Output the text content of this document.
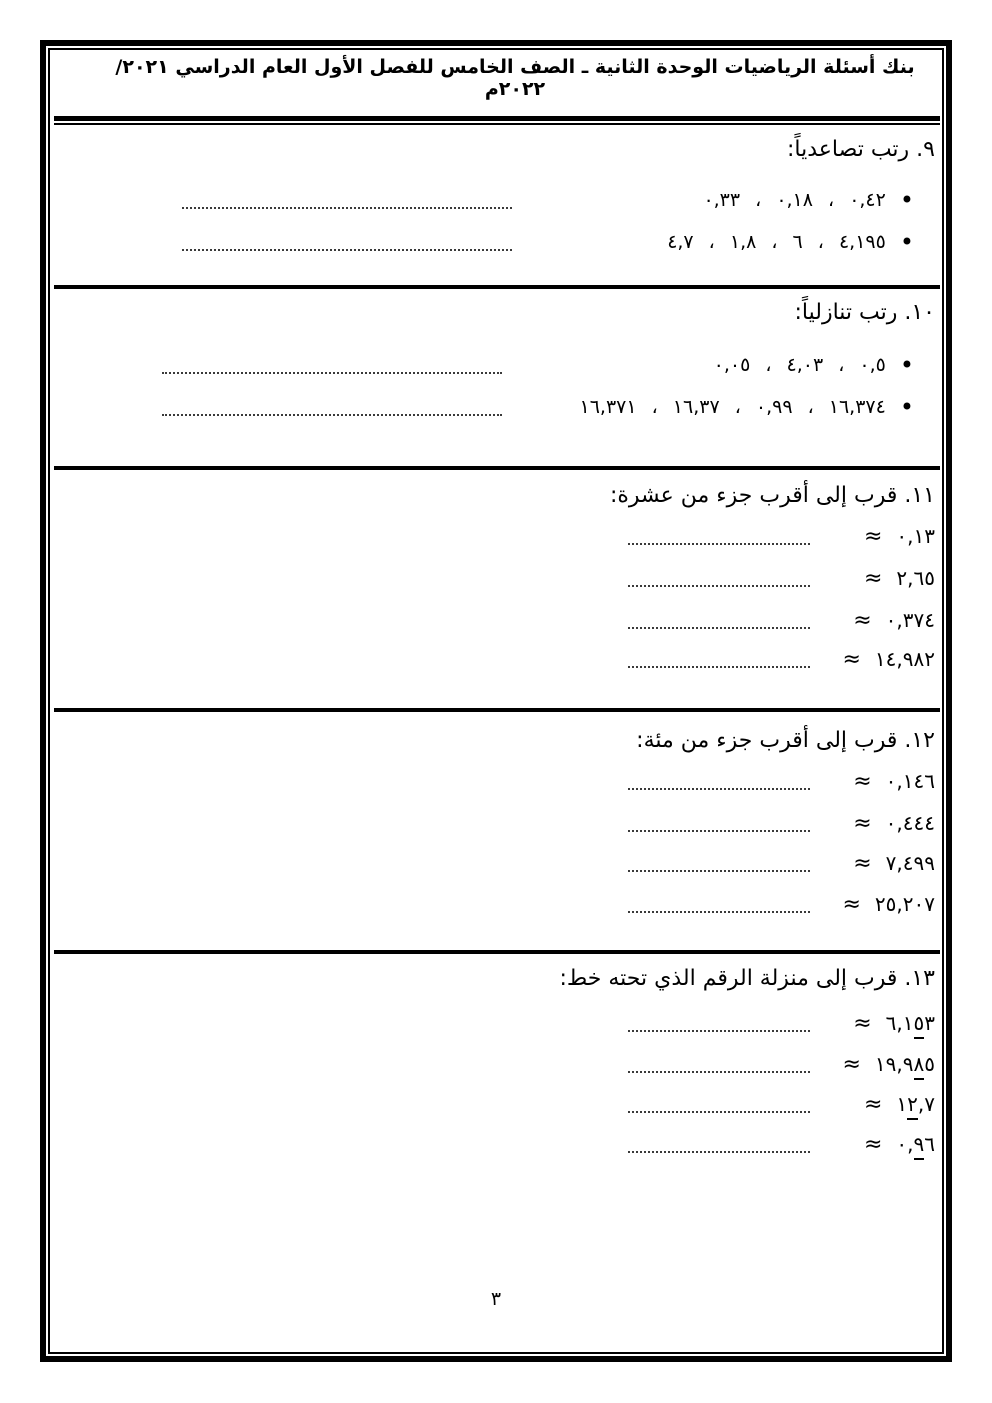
بنك أسئلة الرياضيات الوحدة الثانية ـ الصف الخامس للفصل الأول العام الدراسي ٢٠٢١/ ٢٠٢٢م
٩. رتب تصاعدياً:
•
٠,٤٢ ، ٠,١٨ ، ٠,٣٣
•
٤,١٩٥ ، ٦ ، ١,٨ ، ٤,٧
١٠. رتب تنازلياً:
•
٠,٥ ، ٤,٠٣ ، ٠,٠٥
•
١٦,٣٧٤ ، ٠,٩٩ ، ١٦,٣٧ ، ١٦,٣٧١
١١. قرب إلى أقرب جزء من عشرة:
٠,١٣
≈
٢,٦٥
≈
٠,٣٧٤
≈
١٤,٩٨٢
≈
١٢. قرب إلى أقرب جزء من مئة:
٠,١٤٦
≈
٠,٤٤٤
≈
٧,٤٩٩
≈
٢٥,٢٠٧
≈
١٣. قرب إلى منزلة الرقم الذي تحته خط:
٦,١٥٣
≈
١٩,٩٨٥
≈
١٢,٧
≈
٠,٩٦
≈
٣
